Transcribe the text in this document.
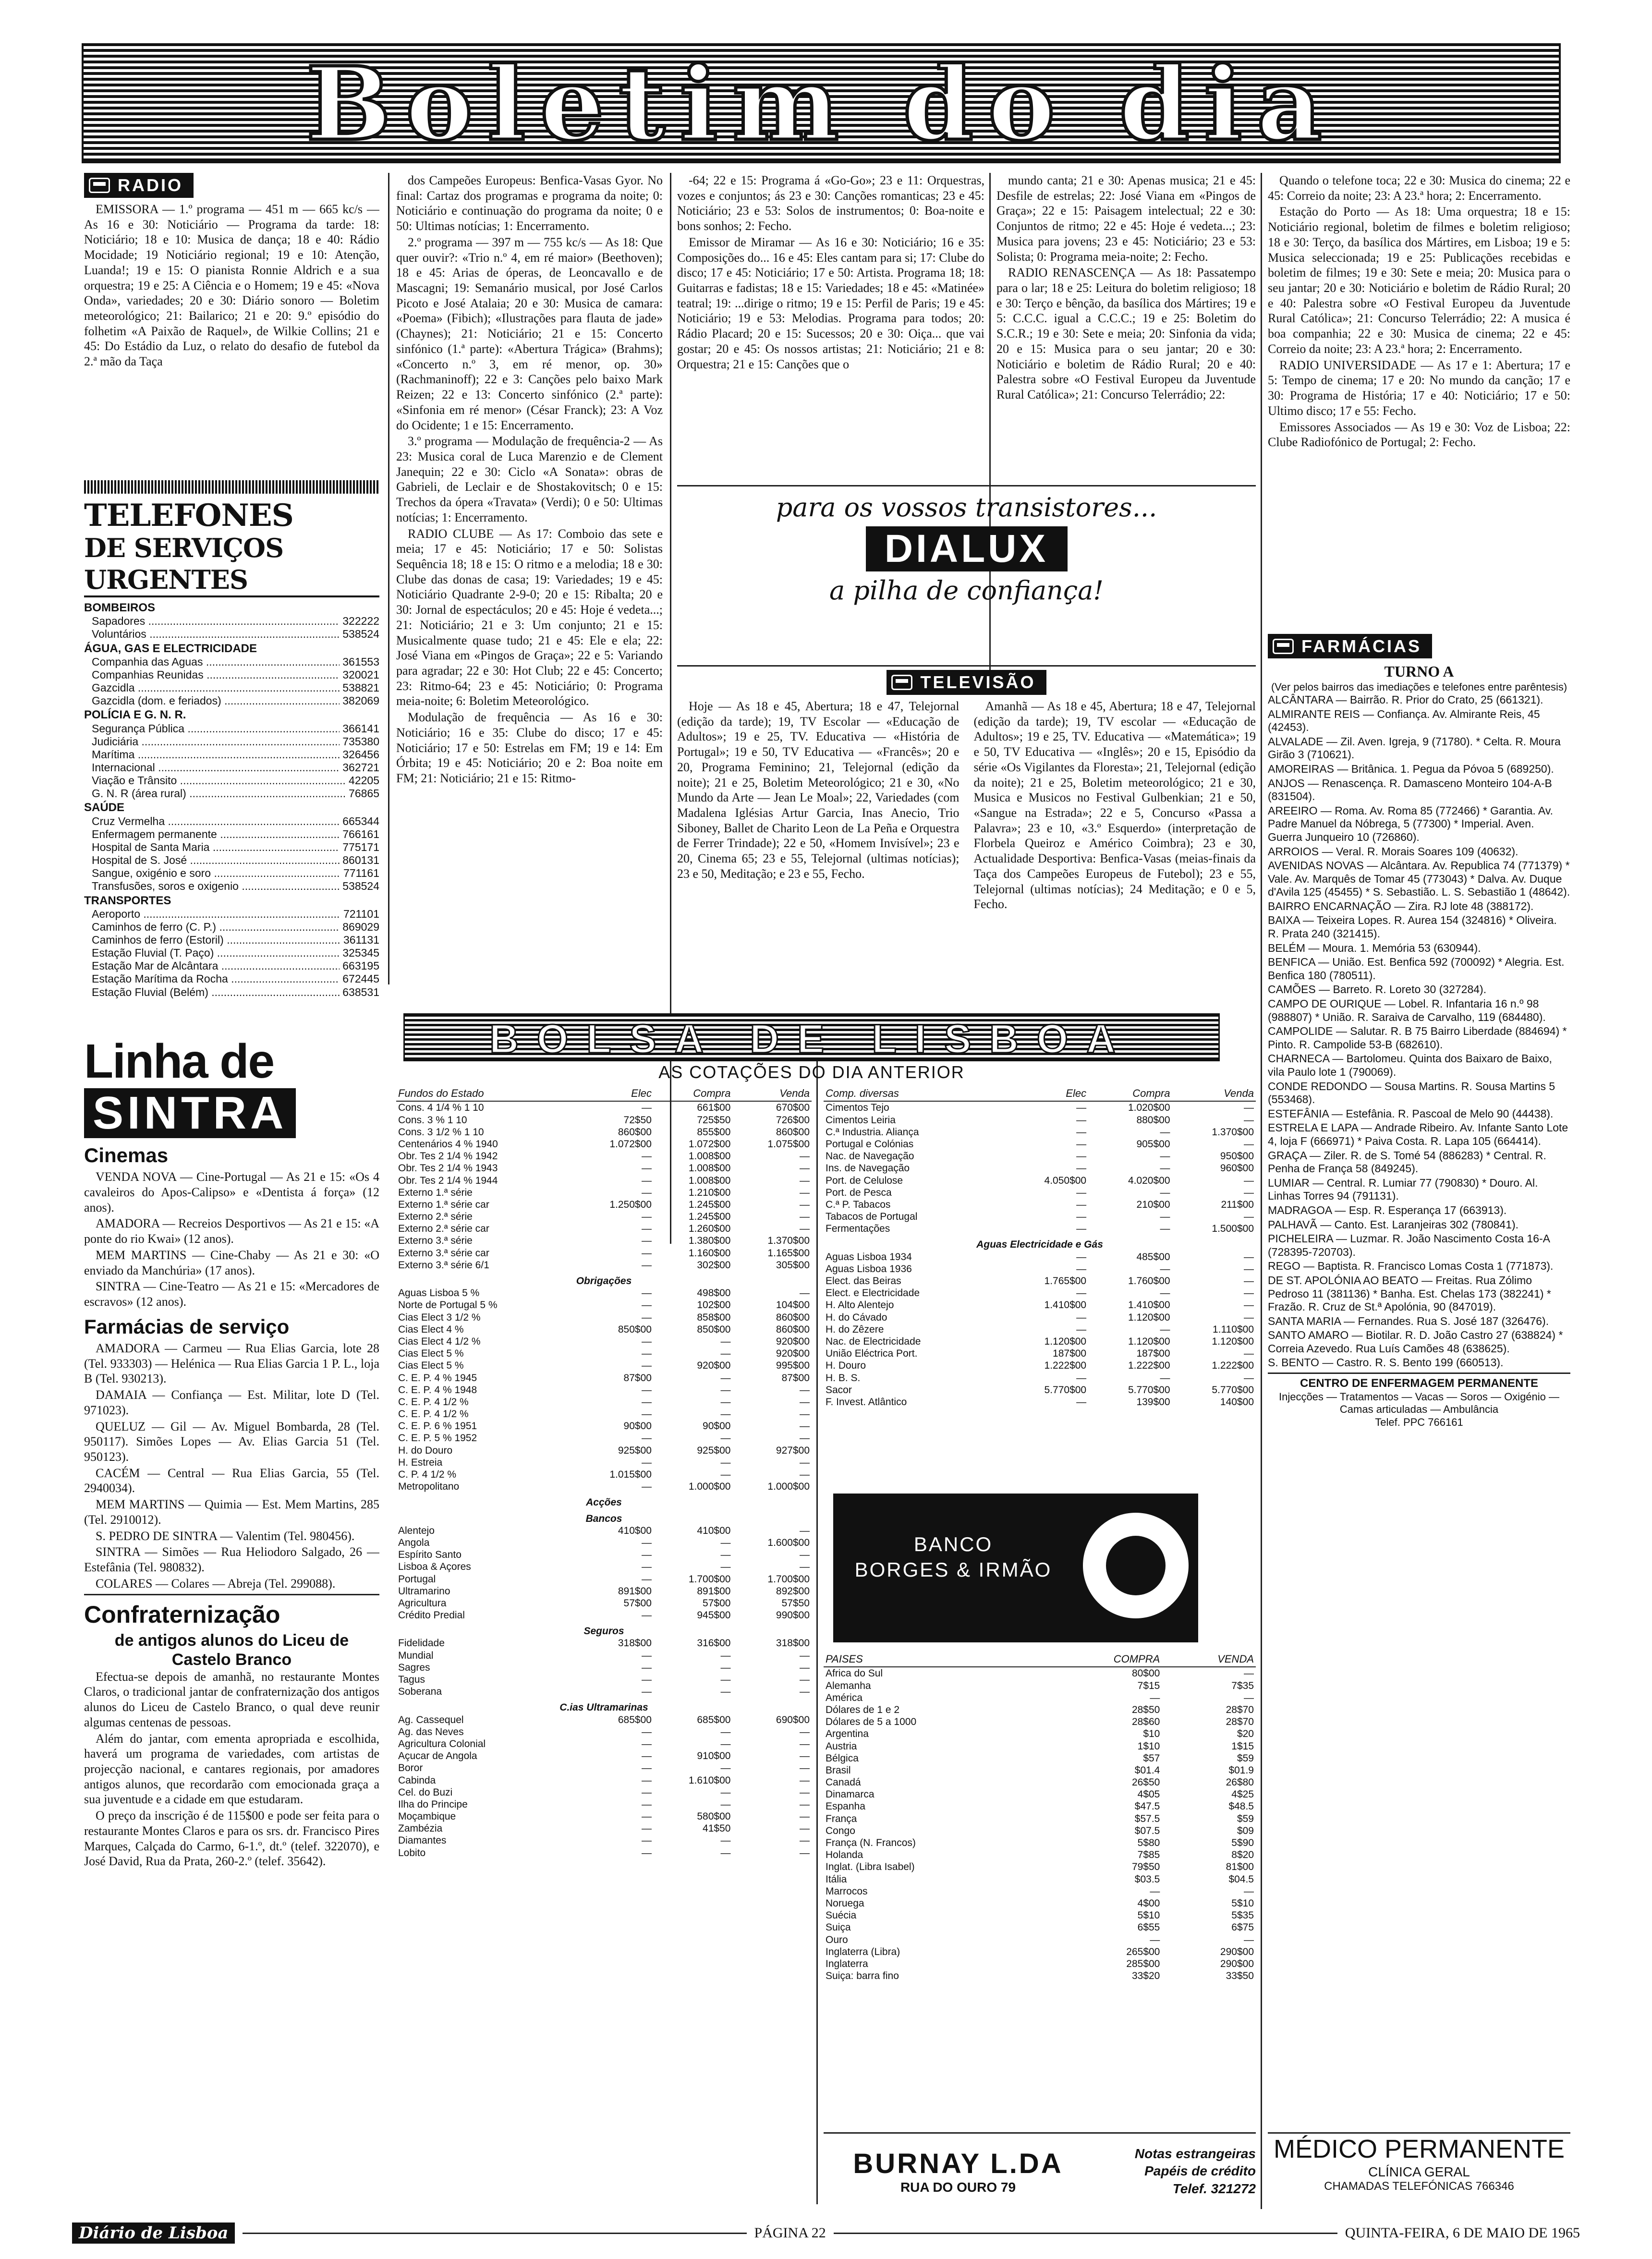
Boletim do dia
RADIO

EMISSORA — 1.º programa — 451 m — 665 kc/s — As 16 e 30: Noticiário — Programa da tarde: 18: Noticiário; 18 e 10: Musica de dança; 18 e 40: Rádio Mocidade; 19 Noticiário regional; 19 e 10: Atenção, Luanda!; 19 e 15: O pianista Ronnie Aldrich e a sua orquestra; 19 e 25: A Ciência e o Homem; 19 e 45: «Nova Onda», variedades; 20 e 30: Diário sonoro — Boletim meteorológico; 21: Bailarico; 21 e 20: 9.º episódio do folhetim «A Paixão de Raquel», de Wilkie Collins; 21 e 45: Do Estádio da Luz, o relato do desafio de futebol da 2.ª mão da Taça

TELEFONES
DE SERVIÇOS URGENTES
BOMBEIROS
Sapadores .....	322222
Voluntários .....	538524
ÁGUA, GAS E ELECTRICIDADE
Companhia das Aguas .....	361553
Companhias Reunidas .....	320021
Gazcidla .....	538821
Gazcidla (dom. e feriados) .....	382069
POLÍCIA E G. N. R.
Segurança Pública .....	366141
Judiciária .....	735380
Marítima .....	326456
Internacional .....	362721
Viação e Trânsito .....	42205
G. N. R (área rural) .....	76865
SAÚDE
Cruz Vermelha .....	665344
Enfermagem permanente .....	766161
Hospital de Santa Maria .....	775171
Hospital de S. José .....	860131
Sangue, oxigénio e soro .....	771161
Transfusões, soros e oxigenio .....	538524
TRANSPORTES
Aeroporto .....	721101
Caminhos de ferro (C. P.) .....	869029
Caminhos de ferro (Estoril) .....	361131
Estação Fluvial (T. Paço) .....	325345
Estação Mar de Alcântara .....	663195
Estação Marítima da Rocha .....	672445
Estação Fluvial (Belém) .....	638531
Linha de
SINTRA
Cinemas

VENDA NOVA — Cine-Portugal — As 21 e 15: «Os 4 cavaleiros do Apos-Calipso» e «Dentista á força» (12 anos).

AMADORA — Recreios Desportivos — As 21 e 15: «A ponte do rio Kwai» (12 anos).

MEM MARTINS — Cine-Chaby — As 21 e 30: «O enviado da Manchúria» (17 anos).

SINTRA — Cine-Teatro — As 21 e 15: «Mercadores de escravos» (12 anos).

Farmácias de serviço

AMADORA — Carmeu — Rua Elias Garcia, lote 28 (Tel. 933303) — Helénica — Rua Elias Garcia 1 P. L., loja B (Tel. 930213).

DAMAIA — Confiança — Est. Militar, lote D (Tel. 971023).

QUELUZ — Gil — Av. Miguel Bombarda, 28 (Tel. 950117). Simões Lopes — Av. Elias Garcia 51 (Tel. 950123).

CACÉM — Central — Rua Elias Garcia, 55 (Tel. 2940034).

MEM MARTINS — Quimia — Est. Mem Martins, 285 (Tel. 2910012).

S. PEDRO DE SINTRA — Valentim (Tel. 980456).

SINTRA — Simões — Rua Heliodoro Salgado, 26 — Estefânia (Tel. 980832).

COLARES — Colares — Abreja (Tel. 299088).

Confraternização
de antigos alunos do Liceu de Castelo Branco

Efectua-se depois de amanhã, no restaurante Montes Claros, o tradicional jantar de confraternização dos antigos alunos do Liceu de Castelo Branco, o qual deve reunir algumas centenas de pessoas.

Além do jantar, com ementa apropriada e escolhida, haverá um programa de variedades, com artistas de projecção nacional, e cantares regionais, por amadores antigos alunos, que recordarão com emocionada graça a sua juventude e a cidade em que estudaram.

O preço da inscrição é de 115$00 e pode ser feita para o restaurante Montes Claros e para os srs. dr. Francisco Pires Marques, Calçada do Carmo, 6-1.º, dt.º (telef. 322070), e José David, Rua da Prata, 260-2.º (telef. 35642).

dos Campeões Europeus: Benfica-Vasas Gyor. No final: Cartaz dos programas e programa da noite; 0: Noticiário e continuação do programa da noite; 0 e 50: Ultimas notícias; 1: Encerramento.

2.º programa — 397 m — 755 kc/s — As 18: Que quer ouvir?: «Trio n.º 4, em ré maior» (Beethoven); 18 e 45: Arias de óperas, de Leoncavallo e de Mascagni; 19: Semanário musical, por José Carlos Picoto e José Atalaia; 20 e 30: Musica de camara: «Poema» (Fibich); «Ilustrações para flauta de jade» (Chaynes); 21: Noticiário; 21 e 15: Concerto sinfónico (1.ª parte): «Abertura Trágica» (Brahms); «Concerto n.º 3, em ré menor, op. 30» (Rachmaninoff); 22 e 3: Canções pelo baixo Mark Reizen; 22 e 13: Concerto sinfónico (2.ª parte): «Sinfonia em ré menor» (César Franck); 23: A Voz do Ocidente; 1 e 15: Encerramento.

3.º programa — Modulação de frequência-2 — As 23: Musica coral de Luca Marenzio e de Clement Janequin; 22 e 30: Ciclo «A Sonata»: obras de Gabrieli, de Leclair e de Shostakovitsch; 0 e 15: Trechos da ópera «Travata» (Verdi); 0 e 50: Ultimas notícias; 1: Encerramento.

RADIO CLUBE — As 17: Comboio das sete e meia; 17 e 45: Noticiário; 17 e 50: Solistas Sequência 18; 18 e 15: O ritmo e a melodia; 18 e 30: Clube das donas de casa; 19: Variedades; 19 e 45: Noticiário Quadrante 2-9-0; 20 e 15: Ribalta; 20 e 30: Jornal de espectáculos; 20 e 45: Hoje é vedeta...; 21: Noticiário; 21 e 3: Um conjunto; 21 e 15: Musicalmente quase tudo; 21 e 45: Ele e ela; 22: José Viana em «Pingos de Graça»; 22 e 5: Variando para agradar; 22 e 30: Hot Club; 22 e 45: Concerto; 23: Ritmo-64; 23 e 45: Noticiário; 0: Programa meia-noite; 6: Boletim Meteorológico.

Modulação de frequência — As 16 e 30: Noticiário; 16 e 35: Clube do disco; 17 e 45: Noticiário; 17 e 50: Estrelas em FM; 19 e 14: Em Órbita; 19 e 45: Noticiário; 20 e 2: Boa noite em FM; 21: Noticiário; 21 e 15: Ritmo-

-64; 22 e 15: Programa á «Go-Go»; 23 e 11: Orquestras, vozes e conjuntos; ás 23 e 30: Canções romanticas; 23 e 45: Noticiário; 23 e 53: Solos de instrumentos; 0: Boa-noite e bons sonhos; 2: Fecho.

Emissor de Miramar — As 16 e 30: Noticiário; 16 e 35: Composições do... 16 e 45: Eles cantam para si; 17: Clube do disco; 17 e 45: Noticiário; 17 e 50: Artista. Programa 18; 18: Guitarras e fadistas; 18 e 15: Variedades; 18 e 45: «Matinée» teatral; 19: ...dirige o ritmo; 19 e 15: Perfil de Paris; 19 e 45: Noticiário; 19 e 53: Melodias. Programa para todos; 20: Rádio Placard; 20 e 15: Sucessos; 20 e 30: Oiça... que vai gostar; 20 e 45: Os nossos artistas; 21: Noticiário; 21 e 8: Orquestra; 21 e 15: Canções que o

mundo canta; 21 e 30: Apenas musica; 21 e 45: Desfile de estrelas; 22: José Viana em «Pingos de Graça»; 22 e 15: Paisagem intelectual; 22 e 30: Conjuntos de ritmo; 22 e 45: Hoje é vedeta...; 23: Musica para jovens; 23 e 45: Noticiário; 23 e 53: Solista; 0: Programa meia-noite; 2: Fecho.

RADIO RENASCENÇA — As 18: Passatempo para o lar; 18 e 25: Leitura do boletim religioso; 18 e 30: Terço e bênção, da basílica dos Mártires; 19 e 5: C.C.C. igual a C.C.C.; 19 e 25: Boletim do S.C.R.; 19 e 30: Sete e meia; 20: Sinfonia da vida; 20 e 15: Musica para o seu jantar; 20 e 30: Noticiário e boletim de Rádio Rural; 20 e 40: Palestra sobre «O Festival Europeu da Juventude Rural Católica»; 21: Concurso Telerrádio; 22:

para os vossos transistores...
DIALUX
a pilha de confiança!
TELEVISÃO

Hoje — As 18 e 45, Abertura; 18 e 47, Telejornal (edição da tarde); 19, TV Escolar — «Educação de Adultos»; 19 e 25, TV. Educativa — «História de Portugal»; 19 e 50, TV Educativa — «Francês»; 20 e 20, Programa Feminino; 21, Telejornal (edição da noite); 21 e 25, Boletim Meteorológico; 21 e 30, «No Mundo da Arte — Jean Le Moal»; 22, Variedades (com Madalena Iglésias Artur Garcia, Inas Anecio, Trio Siboney, Ballet de Charito Leon de La Peña e Orquestra de Ferrer Trindade); 22 e 50, «Homem Invisível»; 23 e 20, Cinema 65; 23 e 55, Telejornal (ultimas notícias); 23 e 50, Meditação; e 23 e 55, Fecho.

Amanhã — As 18 e 45, Abertura; 18 e 47, Telejornal (edição da tarde); 19, TV escolar — «Educação de Adultos»; 19 e 25, TV. Educativa — «Matemática»; 19 e 50, TV Educativa — «Inglês»; 20 e 15, Episódio da série «Os Vigilantes da Floresta»; 21, Telejornal (edição da noite); 21 e 25, Boletim meteorológico; 21 e 30, Musica e Musicos no Festival Gulbenkian; 21 e 50, «Sangue na Estrada»; 22 e 5, Concurso «Passa a Palavra»; 23 e 10, «3.º Esquerdo» (interpretação de Florbela Queiroz e Américo Coimbra); 23 e 30, Actualidade Desportiva: Benfica-Vasas (meias-finais da Taça dos Campeões Europeus de Futebol); 23 e 55, Telejornal (ultimas notícias); 24 Meditação; e 0 e 5, Fecho.

Quando o telefone toca; 22 e 30: Musica do cinema; 22 e 45: Correio da noite; 23: A 23.ª hora; 2: Encerramento.

Estação do Porto — As 18: Uma orquestra; 18 e 15: Noticiário regional, boletim de filmes e boletim religioso; 18 e 30: Terço, da basílica dos Mártires, em Lisboa; 19 e 5: Musica seleccionada; 19 e 25: Publicações recebidas e boletim de filmes; 19 e 30: Sete e meia; 20: Musica para o seu jantar; 20 e 30: Noticiário e boletim de Rádio Rural; 20 e 40: Palestra sobre «O Festival Europeu da Juventude Rural Católica»; 21: Concurso Telerrádio; 22: A musica é boa companhia; 22 e 30: Musica de cinema; 22 e 45: Correio da noite; 23: A 23.ª hora; 2: Encerramento.

RADIO UNIVERSIDADE — As 17 e 1: Abertura; 17 e 5: Tempo de cinema; 17 e 20: No mundo da canção; 17 e 30: Programa de História; 17 e 40: Noticiário; 17 e 50: Ultimo disco; 17 e 55: Fecho.

Emissores Associados — As 19 e 30: Voz de Lisboa; 22: Clube Radiofónico de Portugal; 2: Fecho.

FARMÁCIAS
TURNO A
(Ver pelos bairros das imediações e telefones entre parêntesis)
ALCÂNTARA — Bairrão. R. Prior do Crato, 25 (661321).
ALMIRANTE REIS — Confiança. Av. Almirante Reis, 45 (42453).
ALVALADE — Zil. Aven. Igreja, 9 (71780). * Celta. R. Moura Girão 3 (710621).
AMOREIRAS — Britânica. 1. Pegua da Póvoa 5 (689250).
ANJOS — Renascença. R. Damasceno Monteiro 104-A-B (831504).
AREEIRO — Roma. Av. Roma 85 (772466) * Garantia. Av. Padre Manuel da Nóbrega, 5 (77300) * Imperial. Aven. Guerra Junqueiro 10 (726860).
ARROIOS — Veral. R. Morais Soares 109 (40632).
AVENIDAS NOVAS — Alcântara. Av. Republica 74 (771379) * Vale. Av. Marquês de Tomar 45 (773043) * Dalva. Av. Duque d'Avila 125 (45455) * S. Sebastião. L. S. Sebastião 1 (48642).
BAIRRO ENCARNAÇÃO — Zira. RJ lote 48 (388172).
BAIXA — Teixeira Lopes. R. Aurea 154 (324816) * Oliveira. R. Prata 240 (321415).
BELÉM — Moura. 1. Memória 53 (630944).
BENFICA — União. Est. Benfica 592 (700092) * Alegria. Est. Benfica 180 (780511).
CAMÕES — Barreto. R. Loreto 30 (327284).
CAMPO DE OURIQUE — Lobel. R. Infantaria 16 n.º 98 (988807) * União. R. Saraiva de Carvalho, 119 (684480).
CAMPOLIDE — Salutar. R. B 75 Bairro Liberdade (884694) * Pinto. R. Campolide 53-B (682610).
CHARNECA — Bartolomeu. Quinta dos Baixaro de Baixo, vila Paulo lote 1 (790069).
CONDE REDONDO — Sousa Martins. R. Sousa Martins 5 (553468).
ESTEFÂNIA — Estefânia. R. Pascoal de Melo 90 (44438).
ESTRELA E LAPA — Andrade Ribeiro. Av. Infante Santo Lote 4, loja F (666971) * Paiva Costa. R. Lapa 105 (664414).
GRAÇA — Ziler. R. de S. Tomé 54 (886283) * Central. R. Penha de França 58 (849245).
LUMIAR — Central. R. Lumiar 77 (790830) * Douro. Al. Linhas Torres 94 (791131).
MADRAGOA — Esp. R. Esperança 17 (663913).
PALHAVÃ — Canto. Est. Laranjeiras 302 (780841).
PICHELEIRA — Luzmar. R. João Nascimento Costa 16-A (728395-720703).
REGO — Baptista. R. Francisco Lomas Costa 1 (771873).
DE ST. APOLÓNIA AO BEATO — Freitas. Rua Zólimo Pedroso 11 (381136) * Banha. Est. Chelas 173 (382241) * Frazão. R. Cruz de St.ª Apolónia, 90 (847019).
SANTA MARIA — Fernandes. Rua S. José 187 (326476).
SANTO AMARO — Biotilar. R. D. João Castro 27 (638824) * Correia Azevedo. Rua Luís Camões 48 (638625).
S. BENTO — Castro. R. S. Bento 199 (660513).
CENTRO DE ENFERMAGEM PERMANENTE
Injecções — Tratamentos — Vacas — Soros — Oxigénio — Camas articuladas — Ambulância
Telef. PPC 766161
MÉDICO PERMANENTE
CLÍNICA GERAL
CHAMADAS TELEFÓNICAS 766346
BOLSA DE LISBOA
AS COTAÇÕES DO DIA ANTERIOR
Fundos do Estado	Elec	Compra	Venda
Cons. 4 1/4 % 1 10	—	661$00	670$00
Cons. 3 % 1 10	72$50	725$50	726$00
Cons. 3 1/2 % 1 10	860$00	855$00	860$00
Centenários 4 % 1940	1.072$00	1.072$00	1.075$00
Obr. Tes 2 1/4 % 1942	—	1.008$00	—
Obr. Tes 2 1/4 % 1943	—	1.008$00	—
Obr. Tes 2 1/4 % 1944	—	1.008$00	—
Externo 1.ª série	—	1.210$00	—
Externo 1.ª série car	1.250$00	1.245$00	—
Externo 2.ª série	—	1.245$00	—
Externo 2.ª série car	—	1.260$00	—
Externo 3.ª série	—	1.380$00	1.370$00
Externo 3.ª série car	—	1.160$00	1.165$00
Externo 3.ª série 6/1	—	302$00	305$00
Obrigações			
Aguas Lisboa 5 %	—	498$00	—
Norte de Portugal 5 %	—	102$00	104$00
Cias Elect 3 1/2 %	—	858$00	860$00
Cias Elect 4 %	850$00	850$00	860$00
Cias Elect 4 1/2 %	—	—	920$00
Cias Elect 5 %	—	—	920$00
Cias Elect 5 %	—	920$00	995$00
C. E. P. 4 % 1945	87$00	—	87$00
C. E. P. 4 % 1948	—	—	—
C. E. P. 4 1/2 %	—	—	—
C. E. P. 4 1/2 %	—	—	—
C. E. P. 6 % 1951	90$00	90$00	—
C. E. P. 5 % 1952	—	—	—
H. do Douro	925$00	925$00	927$00
H. Estreia	—	—	—
C. P. 4 1/2 %	1.015$00	—	—
Metropolitano	—	1.000$00	1.000$00
Acções			
Bancos			
Alentejo	410$00	410$00	—
Angola	—	—	1.600$00
Espírito Santo	—	—	—
Lisboa & Açores	—	—	—
Portugal	—	1.700$00	1.700$00
Ultramarino	891$00	891$00	892$00
Agricultura	57$00	57$00	57$50
Crédito Predial	—	945$00	990$00
Seguros			
Fidelidade	318$00	316$00	318$00
Mundial	—	—	—
Sagres	—	—	—
Tagus	—	—	—
Soberana	—	—	—
C.ias Ultramarinas			
Ag. Cassequel	685$00	685$00	690$00
Ag. das Neves	—	—	—
Agricultura Colonial	—	—	—
Açucar de Angola	—	910$00	—
Boror	—	—	—
Cabinda	—	1.610$00	—
Cel. do Buzi	—	—	—
Ilha do Principe	—	—	—
Moçambique	—	580$00	—
Zambézia	—	41$50	—
Diamantes	—	—	—
Lobito	—	—	—
Comp. diversas	Elec	Compra	Venda
Cimentos Tejo	—	1.020$00	—
Cimentos Leiria	—	880$00	—
C.ª Industria. Aliança	—	—	1.370$00
Portugal e Colónias	—	905$00	—
Nac. de Navegação	—	—	950$00
Ins. de Navegação	—	—	960$00
Port. de Celulose	4.050$00	4.020$00	—
Port. de Pesca	—	—	—
C.ª P. Tabacos	—	210$00	211$00
Tabacos de Portugal	—	—	—
Fermentações	—	—	1.500$00
Aguas Electricidade e Gás			
Aguas Lisboa 1934	—	485$00	—
Aguas Lisboa 1936	—	—	—
Elect. das Beiras	1.765$00	1.760$00	—
Elect. e Electricidade	—	—	—
H. Alto Alentejo	1.410$00	1.410$00	—
H. do Cávado	—	1.120$00	—
H. do Zêzere	—	—	1.110$00
Nac. de Electricidade	1.120$00	1.120$00	1.120$00
União Eléctrica Port.	187$00	187$00	—
H. Douro	1.222$00	1.222$00	1.222$00
H. B. S.	—	—	—
Sacor	5.770$00	5.770$00	5.770$00
F. Invest. Atlântico	—	139$00	140$00
BANCO
BORGES & IRMÃO
PAISES	COMPRA	VENDA
Africa do Sul	80$00	—
Alemanha	7$15	7$35
América	—	—
Dólares de 1 e 2	28$50	28$70
Dólares de 5 a 1000	28$60	28$70
Argentina	$10	$20
Austria	1$10	1$15
Bélgica	$57	$59
Brasil	$01.4	$01.9
Canadá	26$50	26$80
Dinamarca	4$05	4$25
Espanha	$47.5	$48.5
França	$57.5	$59
Congo	$07.5	$09
França (N. Francos)	5$80	5$90
Holanda	7$85	8$20
Inglat. (Libra Isabel)	79$50	81$00
Itália	$03.5	$04.5
Marrocos	—	—
Noruega	4$00	5$10
Suécia	5$10	5$35
Suiça	6$55	6$75
Ouro	—	—
Inglaterra (Libra)	265$00	290$00
Inglaterra	285$00	290$00
Suiça: barra fino	33$20	33$50
BURNAY L.DA
RUA DO OURO 79
Notas estrangeiras
Papéis de crédito
Telef. 321272
Diário de Lisboa	PÁGINA 22	QUINTA-FEIRA, 6 DE MAIO DE 1965
